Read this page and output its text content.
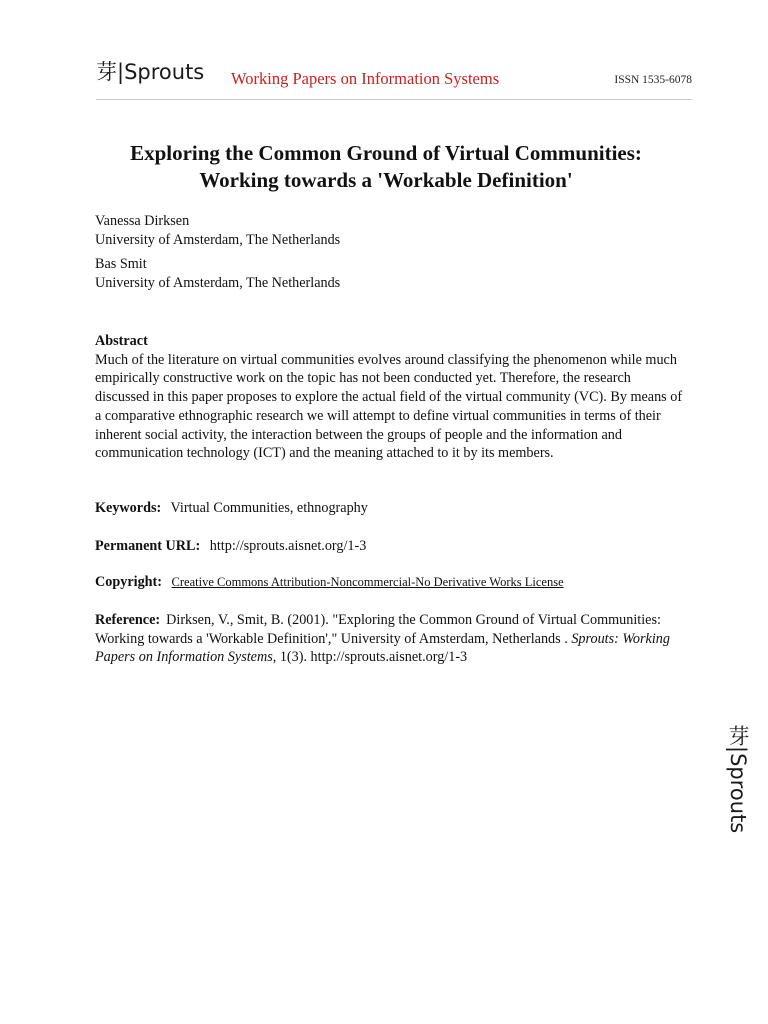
芽|Sprouts Working Papers on Information Systems	ISSN 1535-6078
Exploring the Common Ground of Virtual Communities:
Working towards a 'Workable Definition'
Vanessa Dirksen
University of Amsterdam, The Netherlands
Bas Smit
University of Amsterdam, The Netherlands
Abstract

Much of the literature on virtual communities evolves around classifying the phenomenon while much empirically constructive work on the topic has not been conducted yet. Therefore, the research discussed in this paper proposes to explore the actual field of the virtual community (VC). By means of a comparative ethnographic research we will attempt to define virtual communities in terms of their inherent social activity, the interaction between the groups of people and the information and communication technology (ICT) and the meaning attached to it by its members.

Keywords: Virtual Communities, ethnography
Permanent URL: http://sprouts.aisnet.org/1-3
Copyright: Creative Commons Attribution-Noncommercial-No Derivative Works License
Reference: Dirksen, V., Smit, B. (2001). "Exploring the Common Ground of Virtual Communities: Working towards a 'Workable Definition'," University of Amsterdam, Netherlands . Sprouts: Working Papers on Information Systems, 1(3). http://sprouts.aisnet.org/1-3
芽|Sprouts
